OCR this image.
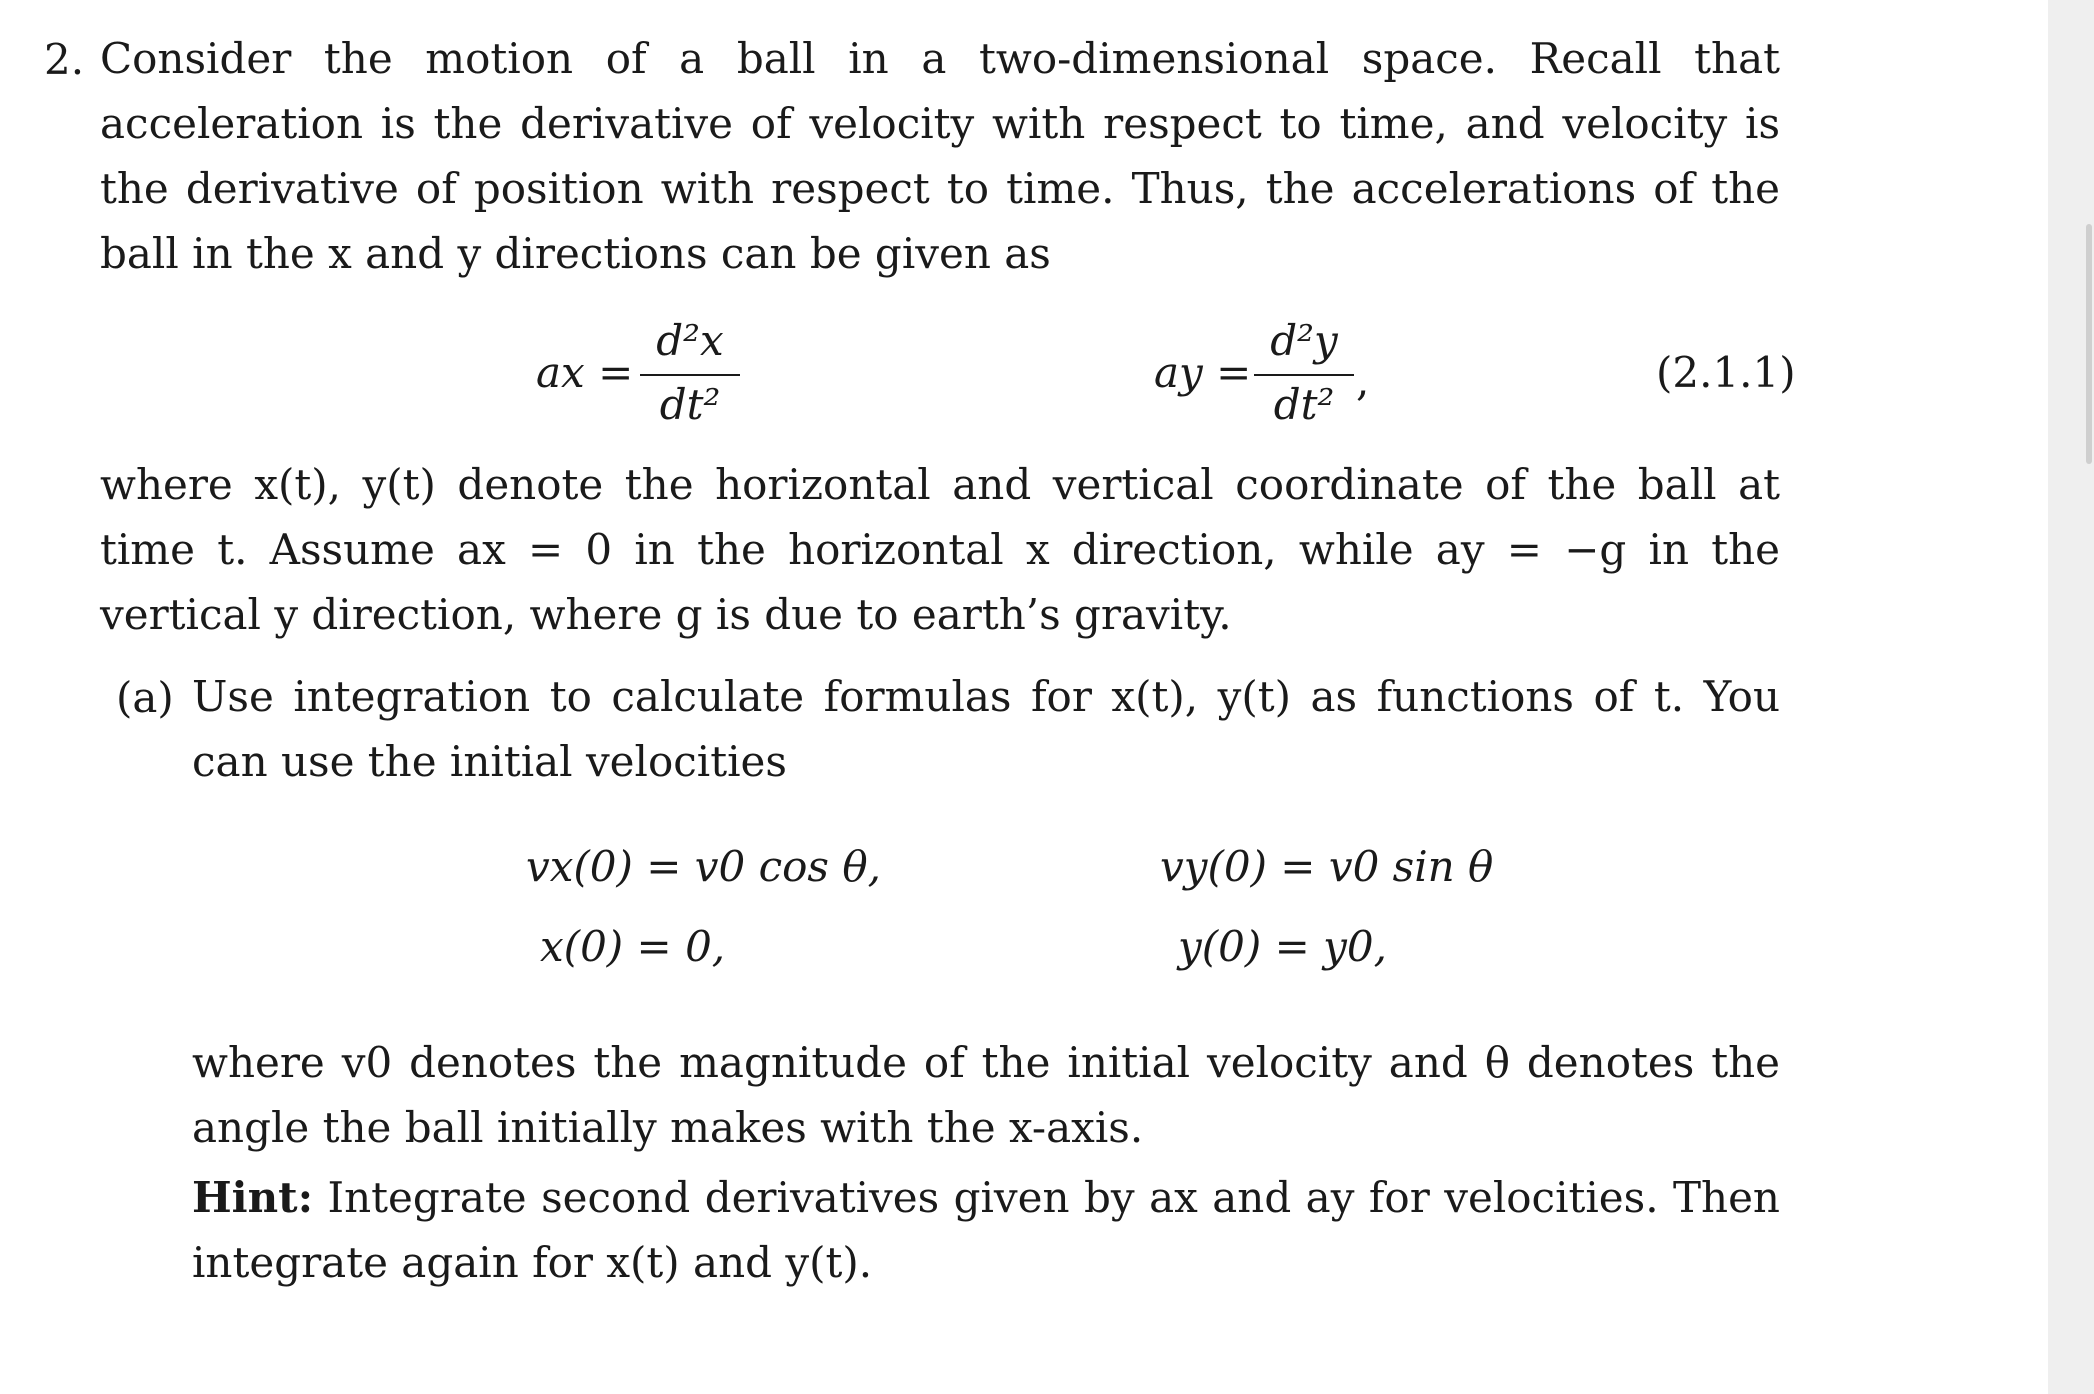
2. Consider the motion of a ball in a two-dimensional space. Recall that acceleration is the derivative of velocity with respect to time, and velocity is the derivative of position with respect to time. Thus, the accelerations of the ball in the x and y directions can be given as
ax =
d²x
dt²
ay =
d²y
dt² ,	(2.1.1)
where x(t), y(t) denote the horizontal and vertical coordinate of the ball at time t. Assume ax = 0 in the horizontal x direction, while ay = −g in the vertical y direction, where g is due to earth’s gravity.
(a) Use integration to calculate formulas for x(t), y(t) as functions of t. You can use the initial velocities
vx(0) = v0 cos θ,	vy(0) = v0 sin θ
x(0) = 0,	y(0) = y0,
where v0 denotes the magnitude of the initial velocity and θ denotes the angle the ball initially makes with the x-axis.
Hint: Integrate second derivatives given by ax and ay for velocities. Then integrate again for x(t) and y(t).
